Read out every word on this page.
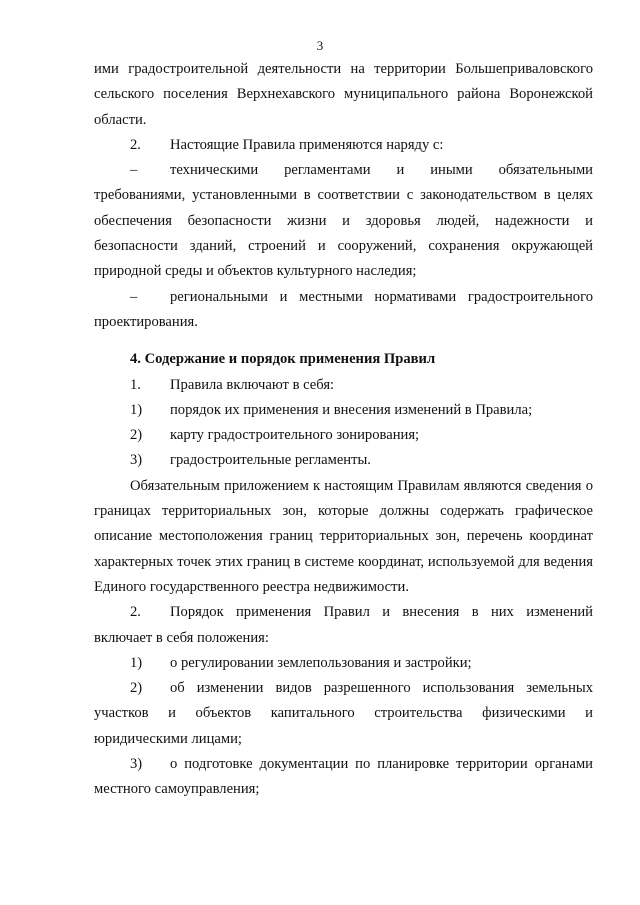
3

ими градостроительной деятельности на территории Большеприваловского сельского поселения Верхнехавского муниципального района Воронежской области.

2. Настоящие Правила применяются наряду с:

– техническими регламентами и иными обязательными требованиями, установленными в соответствии с законодательством в целях обеспечения безопасности жизни и здоровья людей, надежности и безопасности зданий, строений и сооружений, сохранения окружающей природной среды и объектов культурного наследия;

– региональными и местными нормативами градостроительного проектирования.

4. Содержание и порядок применения Правил

1. Правила включают в себя:

1) порядок их применения и внесения изменений в Правила;

2) карту градостроительного зонирования;

3) градостроительные регламенты.

Обязательным приложением к настоящим Правилам являются сведения о границах территориальных зон, которые должны содержать графическое описание местоположения границ территориальных зон, перечень координат характерных точек этих границ в системе координат, используемой для ведения Единого государственного реестра недвижимости.

2. Порядок применения Правил и внесения в них изменений включает в себя положения:

1) о регулировании землепользования и застройки;

2) об изменении видов разрешенного использования земельных участков и объектов капитального строительства физическими и юридическими лицами;

3) о подготовке документации по планировке территории органами местного самоуправления;
